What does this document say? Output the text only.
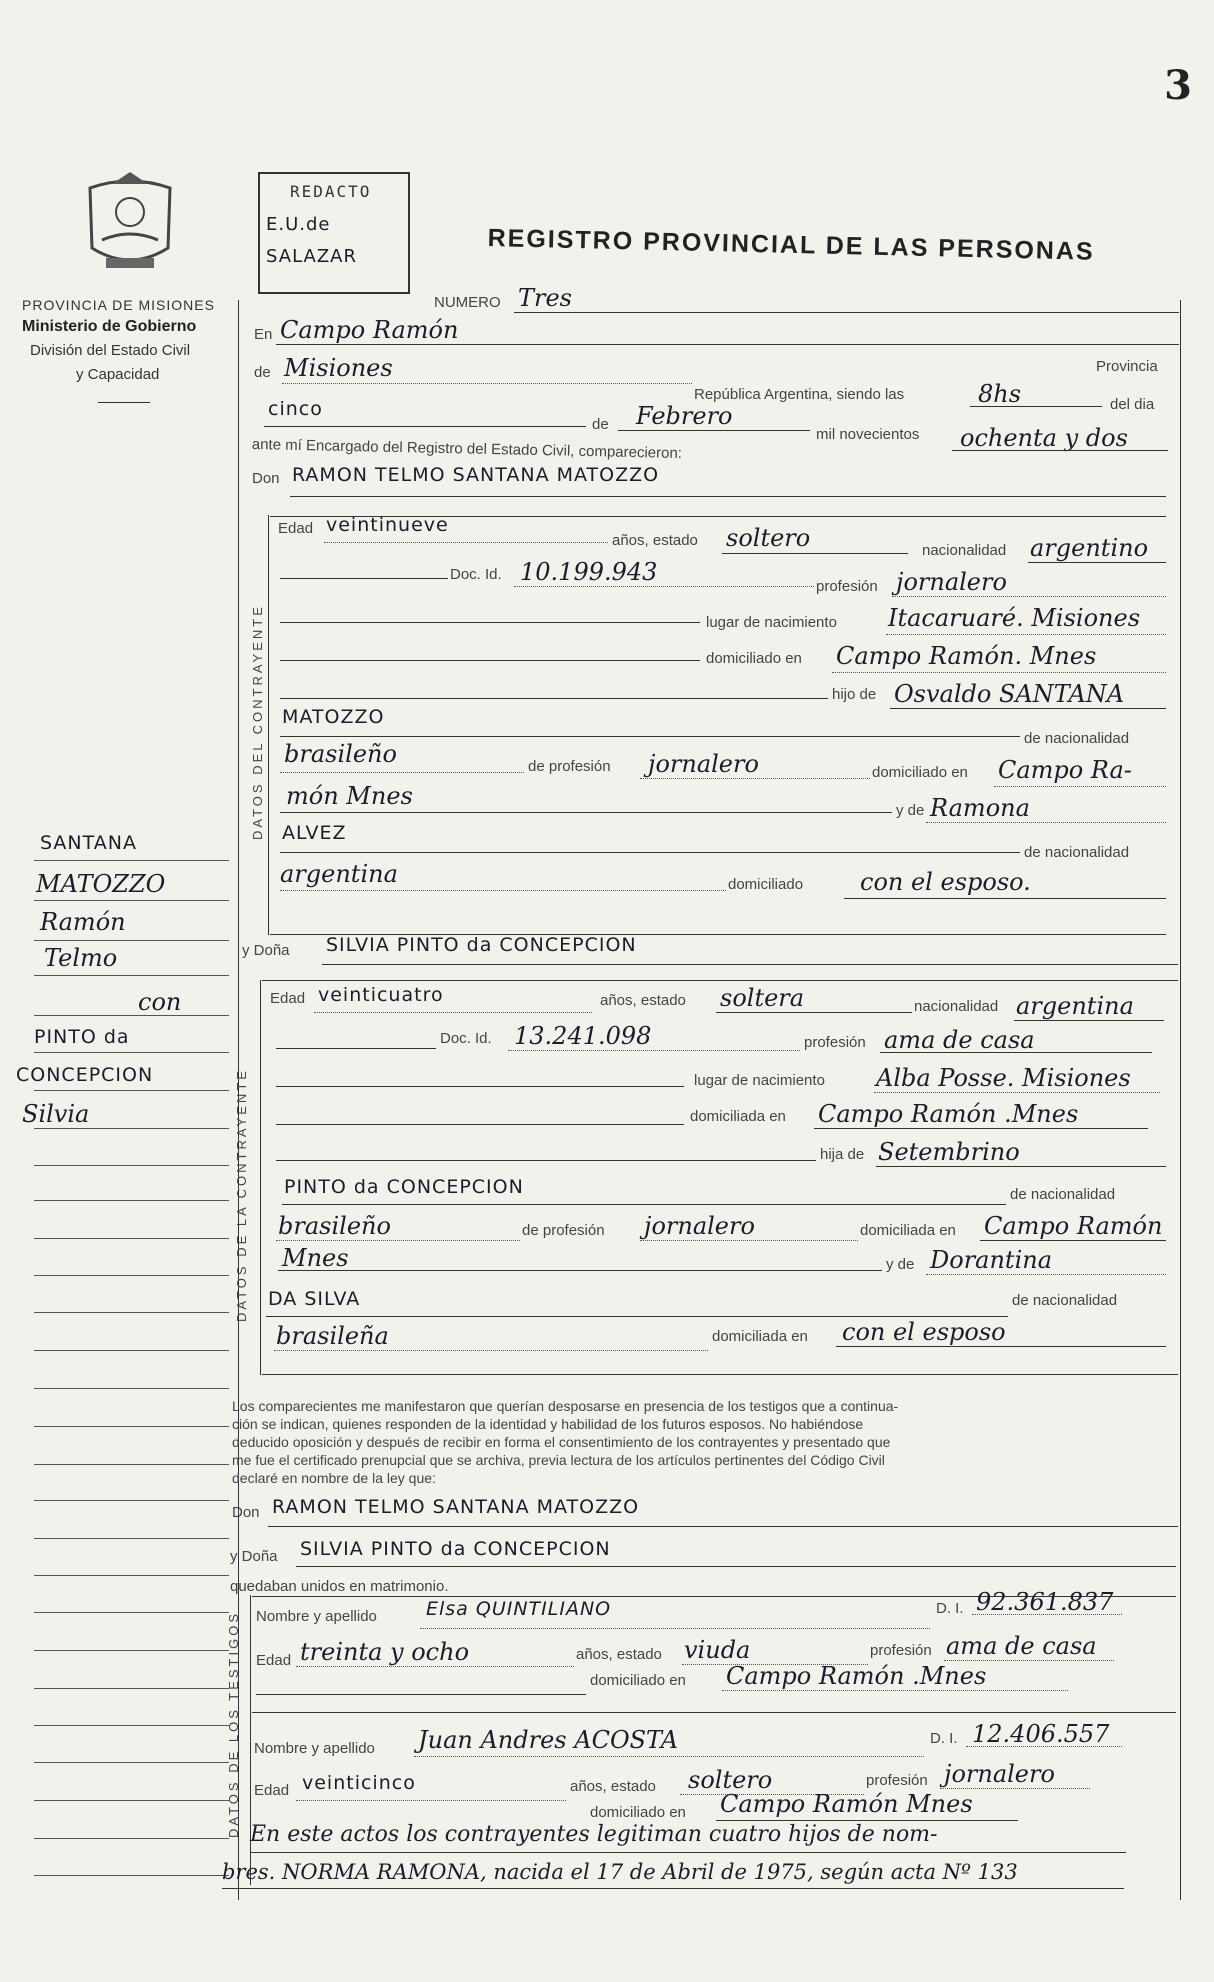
3
PROVINCIA DE MISIONES
Ministerio de Gobierno
División del Estado Civil
y Capacidad
REDACTO
E.U.de
SALAZAR	REGISTRO PROVINCIAL DE LAS PERSONAS
SANTANA
MATOZZO
Ramón
Telmo
con
PINTO da
CONCEPCION
Silvia
DATOS DEL CONTRAYENTE
DATOS DE LA CONTRAYENTE
DATOS DE LOS TESTIGOS
NUMERO Tres
En Campo Ramón
de Misiones
República Argentina, siendo las
Provincia
8hs	del dia
cinco
de Febrero
mil novecientos ochenta y dos
ante mí Encargado del Registro del Estado Civil, comparecieron:
Don RAMON TELMO SANTANA MATOZZO
Edad veintinueve
años, estado soltero	nacionalidad argentino
Doc. Id. 10.199.943
profesión jornalero
lugar de nacimiento Itacaruaré. Misiones
domiciliado en Campo Ramón. Mnes
hijo de Osvaldo SANTANA
MATOZZO
de nacionalidad
brasileño	de profesión jornalero	domiciliado en Campo Ra-
món Mnes
y de Ramona
ALVEZ
de nacionalidad
argentina	domiciliado con el esposo.
y Doña SILVIA PINTO da CONCEPCION
Edad veinticuatro	años, estado soltera	nacionalidad argentina
Doc. Id. 13.241.098	profesión ama de casa
lugar de nacimiento Alba Posse. Misiones
domiciliada en Campo Ramón .Mnes
hija de Setembrino
PINTO da CONCEPCION	de nacionalidad
brasileño	de profesión jornalero	domiciliada en Campo Ramón
Mnes	y de Dorantina
DA SILVA	de nacionalidad
brasileña	domiciliada en con el esposo
Los comparecientes me manifestaron que querían desposarse en presencia de los testigos que a continua-
ción se indican, quienes responden de la identidad y habilidad de los futuros esposos. No habiéndose
deducido oposición y después de recibir en forma el consentimiento de los contrayentes y presentado que
me fue el certificado prenupcial que se archiva, previa lectura de los artículos pertinentes del Código Civil
declaré en nombre de la ley que:
Don RAMON TELMO SANTANA MATOZZO
y Doña SILVIA PINTO da CONCEPCION
quedaban unidos en matrimonio.
Nombre y apellido	Elsa QUINTILIANO	D. I. 92.361.837
Edad treinta y ocho	años, estado viuda	profesión ama de casa
domiciliado en Campo Ramón .Mnes
Nombre y apellido Juan Andres ACOSTA	D. I. 12.406.557
Edad veinticinco	años, estado soltero	profesión jornalero
domiciliado en Campo Ramón Mnes
En este actos los contrayentes legitiman cuatro hijos de nom-
bres. NORMA RAMONA, nacida el 17 de Abril de 1975, según acta Nº 133
